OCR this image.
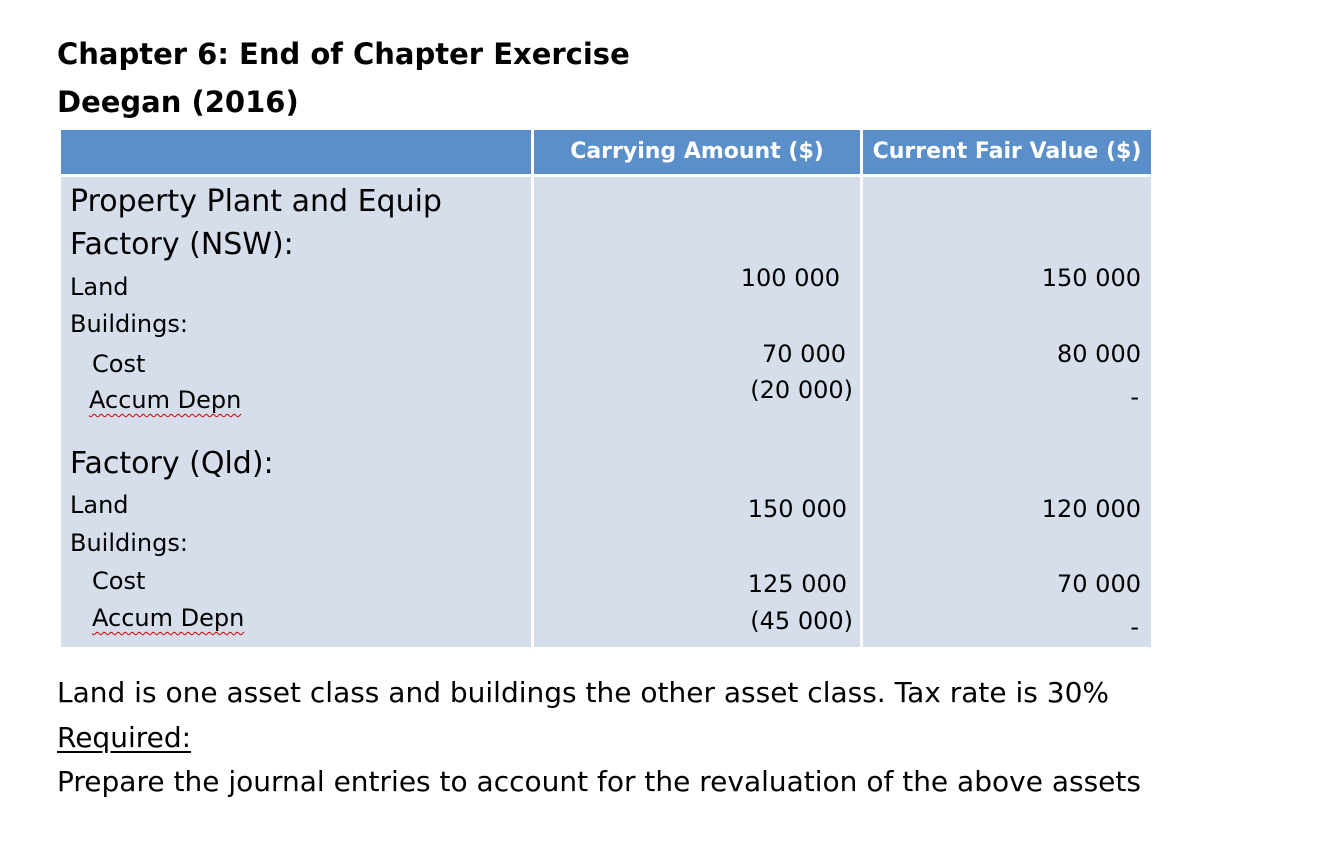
Chapter 6: End of Chapter Exercise
Deegan (2016)
Carrying Amount ($)	Current Fair Value ($)
Property Plant and Equip
Factory (NSW):
Land
Buildings:
Cost
Accum Depn
Factory (Qld):
Land
Buildings:
Cost
Accum Depn
100 000
70 000
(20 000)
150 000
125 000
(45 000)
150 000
80 000
-
120 000
70 000
-
Land is one asset class and buildings the other asset class. Tax rate is 30%
Required:
Prepare the journal entries to account for the revaluation of the above assets
